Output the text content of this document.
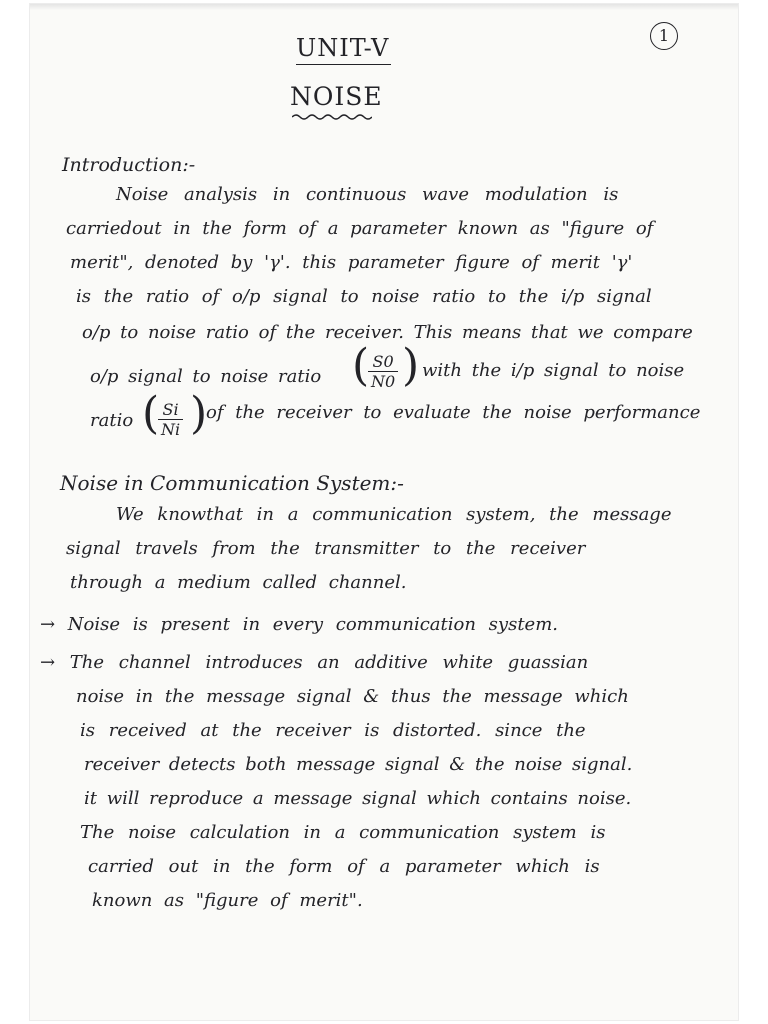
1
UNIT-V
NOISE
Introduction:-
Noise analysis in continuous wave modulation is
carriedout in the form of a parameter known as "figure of
merit", denoted by 'γ'. this parameter figure of merit 'γ'
is the ratio of o/p signal to noise ratio to the i/p signal
o/p to noise ratio of the receiver. This means that we compare
o/p signal to noise ratio (
$\frac{S0}{N0}$ ) with the i/p signal to noise
ratio (
$\frac{Si}{Ni}$ )
of the receiver to evaluate the noise performance
Noise in Communication System:-
We knowthat in a communication system, the message
signal travels from the transmitter to the receiver
through a medium called channel.
→ Noise is present in every communication system.
→ The channel introduces an additive white guassian
noise in the message signal & thus the message which
is received at the receiver is distorted. since the
receiver detects both message signal & the noise signal.
it will reproduce a message signal which contains noise.
The noise calculation in a communication system is
carried out in the form of a parameter which is
known as "figure of merit".
